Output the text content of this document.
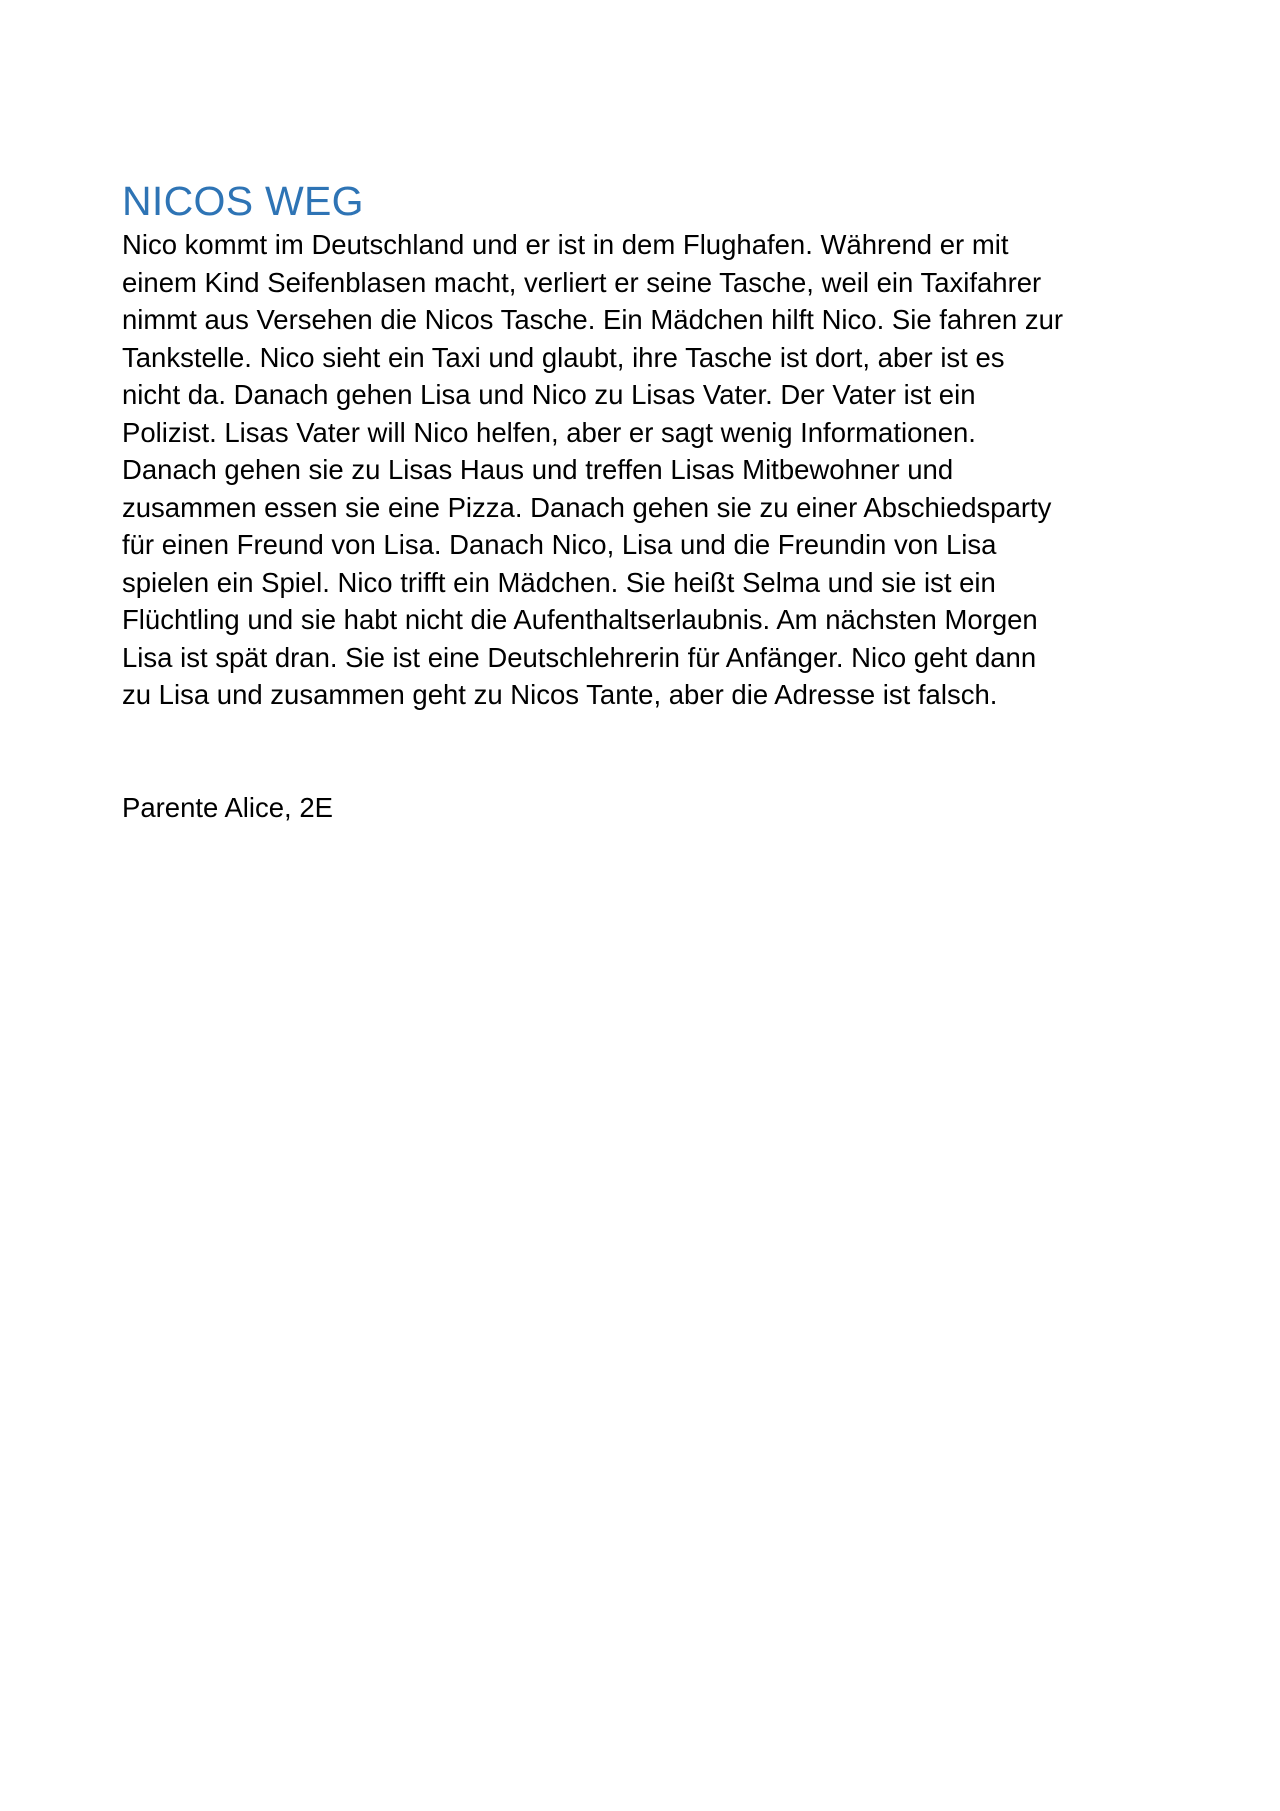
NICOS WEG

Nico kommt im Deutschland und er ist in dem Flughafen. Während er mit

einem Kind Seifenblasen macht, verliert er seine Tasche, weil ein Taxifahrer

nimmt aus Versehen die Nicos Tasche. Ein Mädchen hilft Nico. Sie fahren zur

Tankstelle. Nico sieht ein Taxi und glaubt, ihre Tasche ist dort, aber ist es

nicht da. Danach gehen Lisa und Nico zu Lisas Vater. Der Vater ist ein

Polizist. Lisas Vater will Nico helfen, aber er sagt wenig Informationen.

Danach gehen sie zu Lisas Haus und treffen Lisas Mitbewohner und

zusammen essen sie eine Pizza. Danach gehen sie zu einer Abschiedsparty

für einen Freund von Lisa. Danach Nico, Lisa und die Freundin von Lisa

spielen ein Spiel. Nico trifft ein Mädchen. Sie heißt Selma und sie ist ein

Flüchtling und sie habt nicht die Aufenthaltserlaubnis. Am nächsten Morgen

Lisa ist spät dran. Sie ist eine Deutschlehrerin für Anfänger. Nico geht dann

zu Lisa und zusammen geht zu Nicos Tante, aber die Adresse ist falsch.

Parente Alice, 2E
